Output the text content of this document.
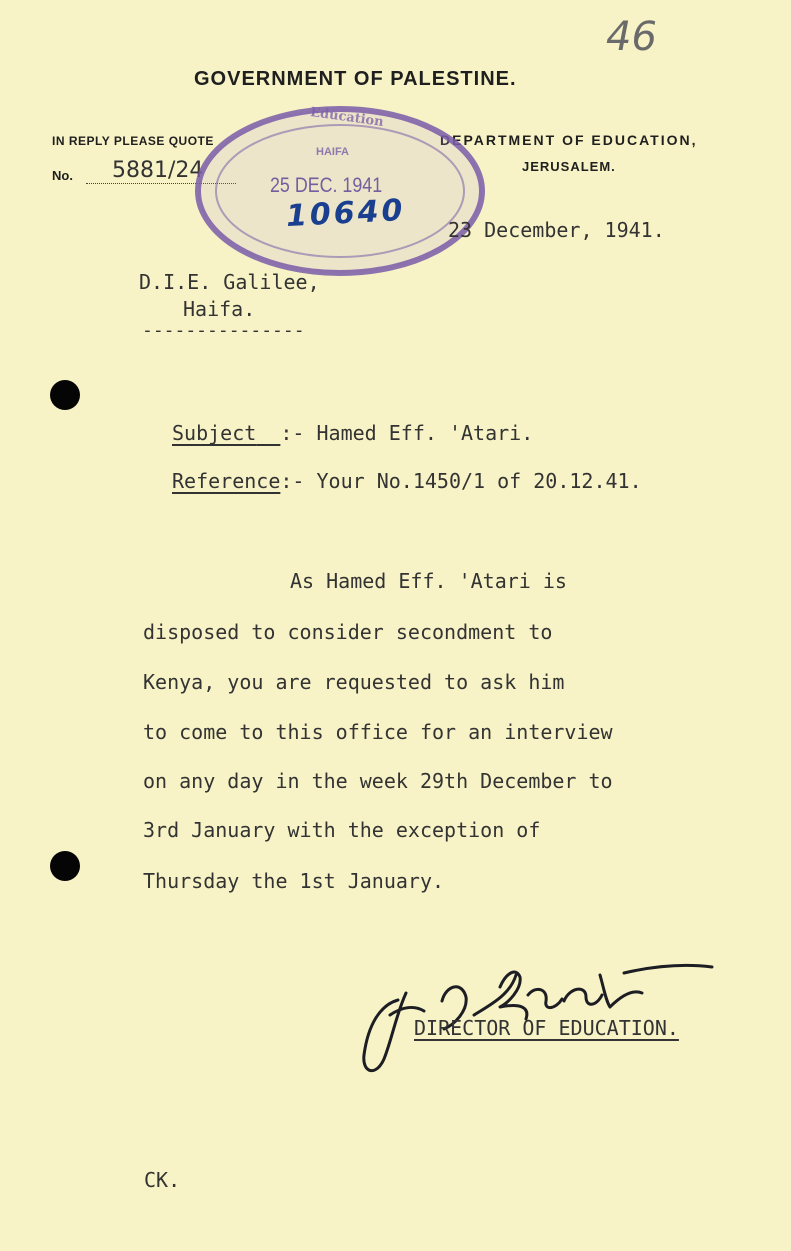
46
GOVERNMENT OF PALESTINE.
IN REPLY PLEASE QUOTE	DEPARTMENT OF EDUCATION,
JERUSALEM.
No. 5881/24
Education
HAIFA
25 DEC. 1941
10640 23 December, 1941.
D.I.E. Galilee,
Haifa.
---------------
Subject :- Hamed Eff. 'Atari.
Reference:- Your No.1450/1 of 20.12.41.
As Hamed Eff. 'Atari is
disposed to consider secondment to
Kenya, you are requested to ask him
to come to this office for an interview
on any day in the week 29th December to
3rd January with the exception of
Thursday the 1st January.
DIRECTOR OF EDUCATION.
CK.
